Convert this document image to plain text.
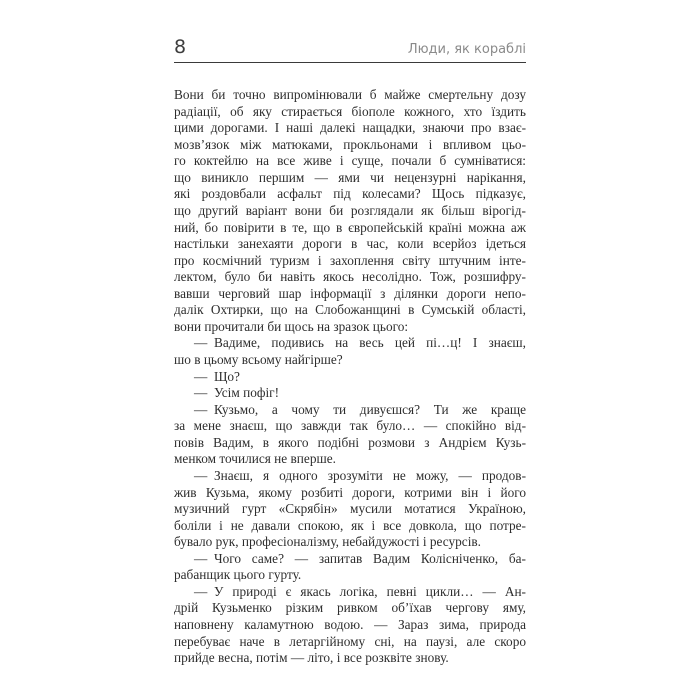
8	Люди, як кораблі
Вони би точно випромінювали б майже смертельну дозу
радіації, об яку стирається біополе кожного, хто їздить
цими дорогами. І наші далекі нащадки, знаючи про взає-
мозв’язок між матюками, прокльонами і впливом цьо-
го коктейлю на все живе і суще, почали б сумніватися:
що виникло першим — ями чи нецензурні нарікання,
які роздовбали асфальт під колесами? Щось підказує,
що другий варіант вони би розглядали як більш вірогід-
ний, бо повірити в те, що в європейській країні можна аж
настільки занехаяти дороги в час, коли всерйоз ідеться
про космічний туризм і захоплення світу штучним інте-
лектом, було би навіть якось несолідно. Тож, розшифру-
вавши черговий шар інформації з ділянки дороги непо-
далік Охтирки, що на Слобожанщині в Сумській області,
вони прочитали би щось на зразок цього:
— Вадиме, подивись на весь цей пі…ц! І знаєш,
шо в цьому всьому найгірше?
— Що?
— Усім пофіг!
— Кузьмо, а чому ти дивуєшся? Ти же краще
за мене знаєш, що завжди так було… — спокійно від-
повів Вадим, в якого подібні розмови з Андрієм Кузь-
менком точилися не вперше.
— Знаєш, я одного зрозуміти не можу, — продов-
жив Кузьма, якому розбиті дороги, котрими він і його
музичний гурт «Скрябін» мусили мотатися Україною,
боліли і не давали спокою, як і все довкола, що потре-
бувало рук, професіоналізму, небайдужості і ресурсів.
— Чого саме? — запитав Вадим Колісніченко, ба-
рабанщик цього гурту.
— У природі є якась логіка, певні цикли… — Ан-
дрій Кузьменко різким ривком об’їхав чергову яму,
наповнену каламутною водою. — Зараз зима, природа
перебуває наче в летаргійному сні, на паузі, але скоро
прийде весна, потім — літо, і все розквіте знову.
